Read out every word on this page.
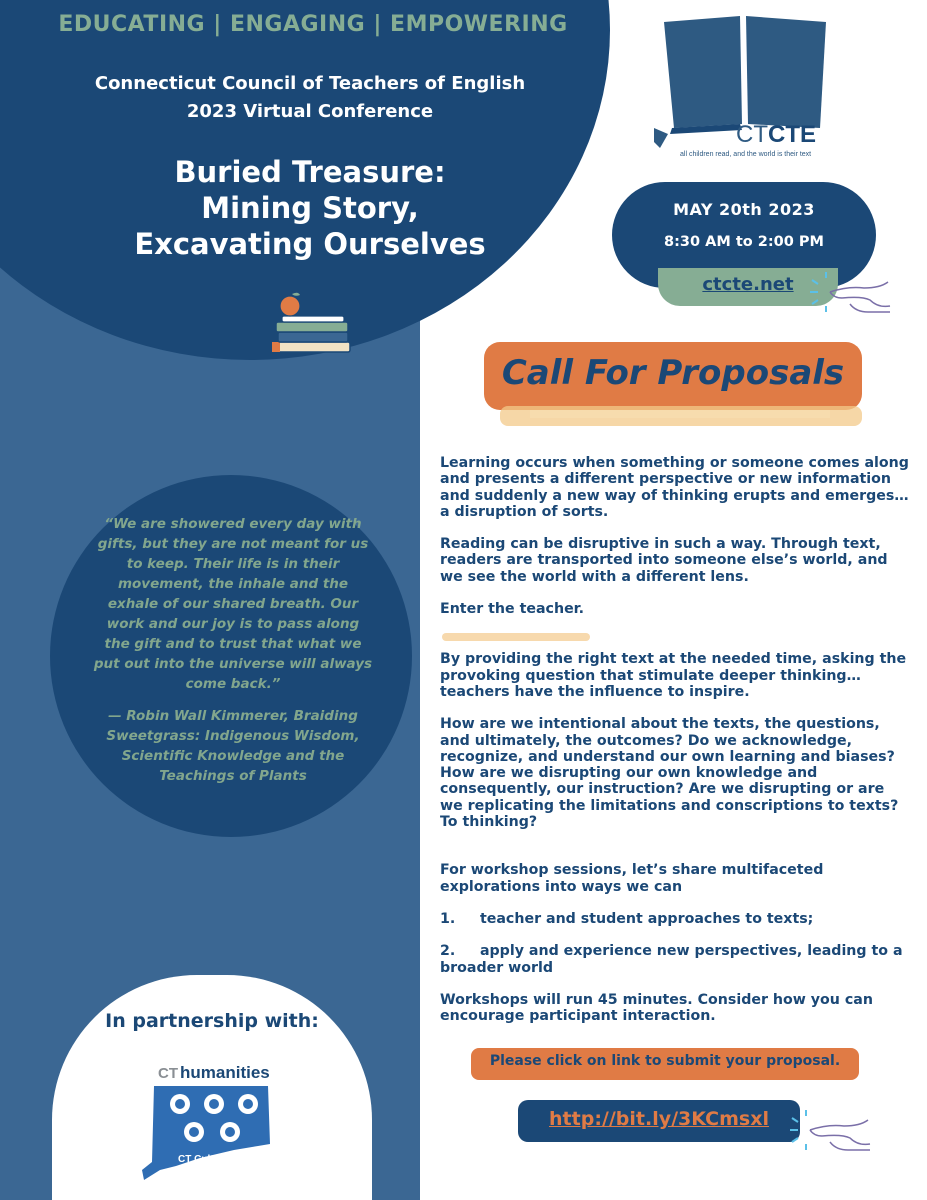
EDUCATING | ENGAGING | EMPOWERING
Connecticut Council of Teachers of English
2023 Virtual Conference
Buried Treasure:
Mining Story,
Excavating Ourselves
“We are showered every day with gifts, but they are not meant for us to keep. Their life is in their movement, the inhale and the exhale of our shared breath. Our work and our joy is to pass along the gift and to trust that what we put out into the universe will always come back.”
— Robin Wall Kimmerer, Braiding Sweetgrass: Indigenous Wisdom, Scientific Knowledge and the Teachings of Plants
In partnership with:
CT humanities
CT Cultural Fund
CT CTE
all children read, and the world is their text
MAY 20th 2023
8:30 AM to 2:00 PM
ctcte.net
Call For Proposals

Learning occurs when something or someone comes along and presents a different perspective or new information and suddenly a new way of thinking erupts and emerges… a disruption of sorts.

Reading can be disruptive in such a way. Through text, readers are transported into someone else’s world, and we see the world with a different lens.

Enter the teacher.

By providing the right text at the needed time, asking the provoking question that stimulate deeper thinking… teachers have the influence to inspire.

How are we intentional about the texts, the questions, and ultimately, the outcomes? Do we acknowledge, recognize, and understand our own learning and biases? How are we disrupting our own knowledge and consequently, our instruction? Are we disrupting or are we replicating the limitations and conscriptions to texts? To thinking?

For workshop sessions, let’s share multifaceted explorations into ways we can

1.     teacher and student approaches to texts;

2.     apply and experience new perspectives, leading to a broader world

Workshops will run 45 minutes. Consider how you can encourage participant interaction.

Please click on link to submit your proposal.
http://bit.ly/3KCmsxl
